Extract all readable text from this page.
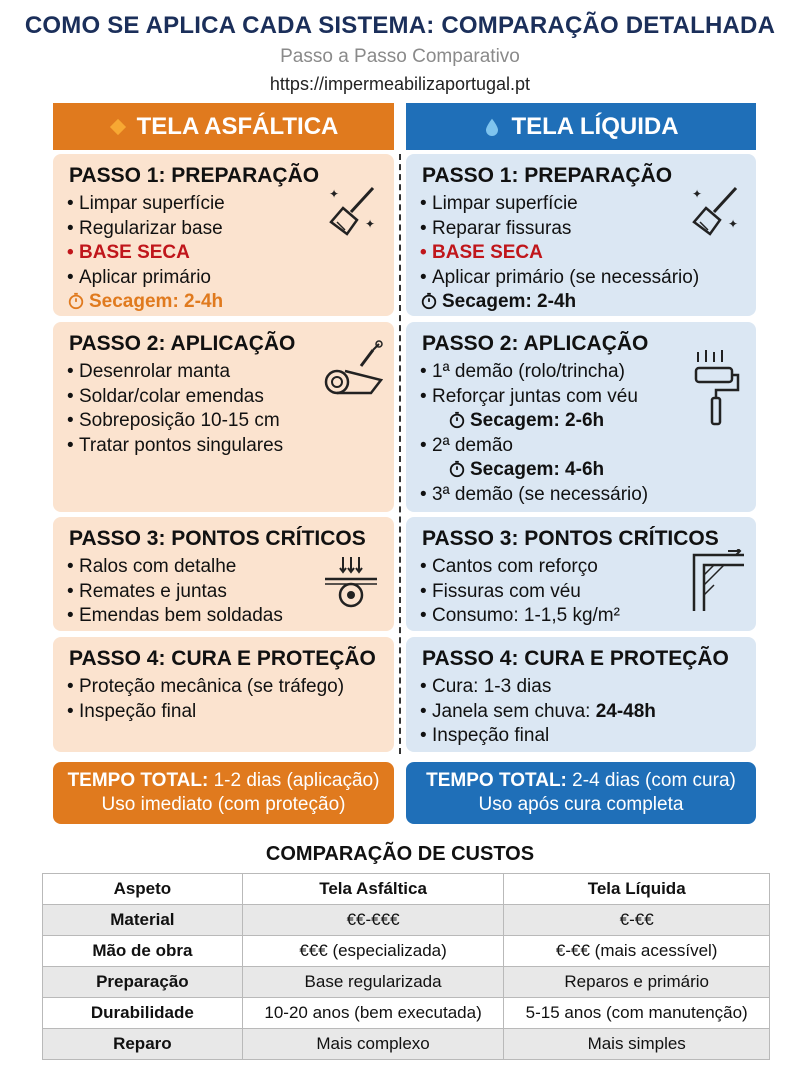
COMO SE APLICA CADA SISTEMA: COMPARAÇÃO DETALHADA
Passo a Passo Comparativo
https://impermeabilizaportugal.pt
TELA ASFÁLTICA	TELA LÍQUIDA
PASSO 1: PREPARAÇÃO
• Limpar superfície
• Regularizar base
• BASE SECA
• Aplicar primário
Secagem: 2-4h
✦
✦
PASSO 2: APLICAÇÃO
• Desenrolar manta
• Soldar/colar emendas
• Sobreposição 10-15 cm
• Tratar pontos singulares
PASSO 3: PONTOS CRÍTICOS
• Ralos com detalhe
• Remates e juntas
• Emendas bem soldadas
PASSO 4: CURA E PROTEÇÃO
• Proteção mecânica (se tráfego)
• Inspeção final
TEMPO TOTAL: 1-2 dias (aplicação)
Uso imediato (com proteção)
PASSO 1: PREPARAÇÃO
• Limpar superfície
• Reparar fissuras
• BASE SECA
• Aplicar primário (se necessário)
Secagem: 2-4h
✦
✦
PASSO 2: APLICAÇÃO
• 1ª demão (rolo/trincha)
• Reforçar juntas com véu
Secagem: 2-6h
• 2ª demão
Secagem: 4-6h
• 3ª demão (se necessário)
PASSO 3: PONTOS CRÍTICOS
• Cantos com reforço
• Fissuras com véu
• Consumo: 1-1,5 kg/m²
PASSO 4: CURA E PROTEÇÃO
• Cura: 1-3 dias
• Janela sem chuva: 24-48h
• Inspeção final
TEMPO TOTAL: 2-4 dias (com cura)
Uso após cura completa
COMPARAÇÃO DE CUSTOS
Aspeto	Tela Asfáltica	Tela Líquida
Material	€€-€€€	€-€€
Mão de obra	€€€ (especializada)	€-€€ (mais acessível)
Preparação	Base regularizada	Reparos e primário
Durabilidade	10-20 anos (bem executada)	5-15 anos (com manutenção)
Reparo	Mais complexo	Mais simples
